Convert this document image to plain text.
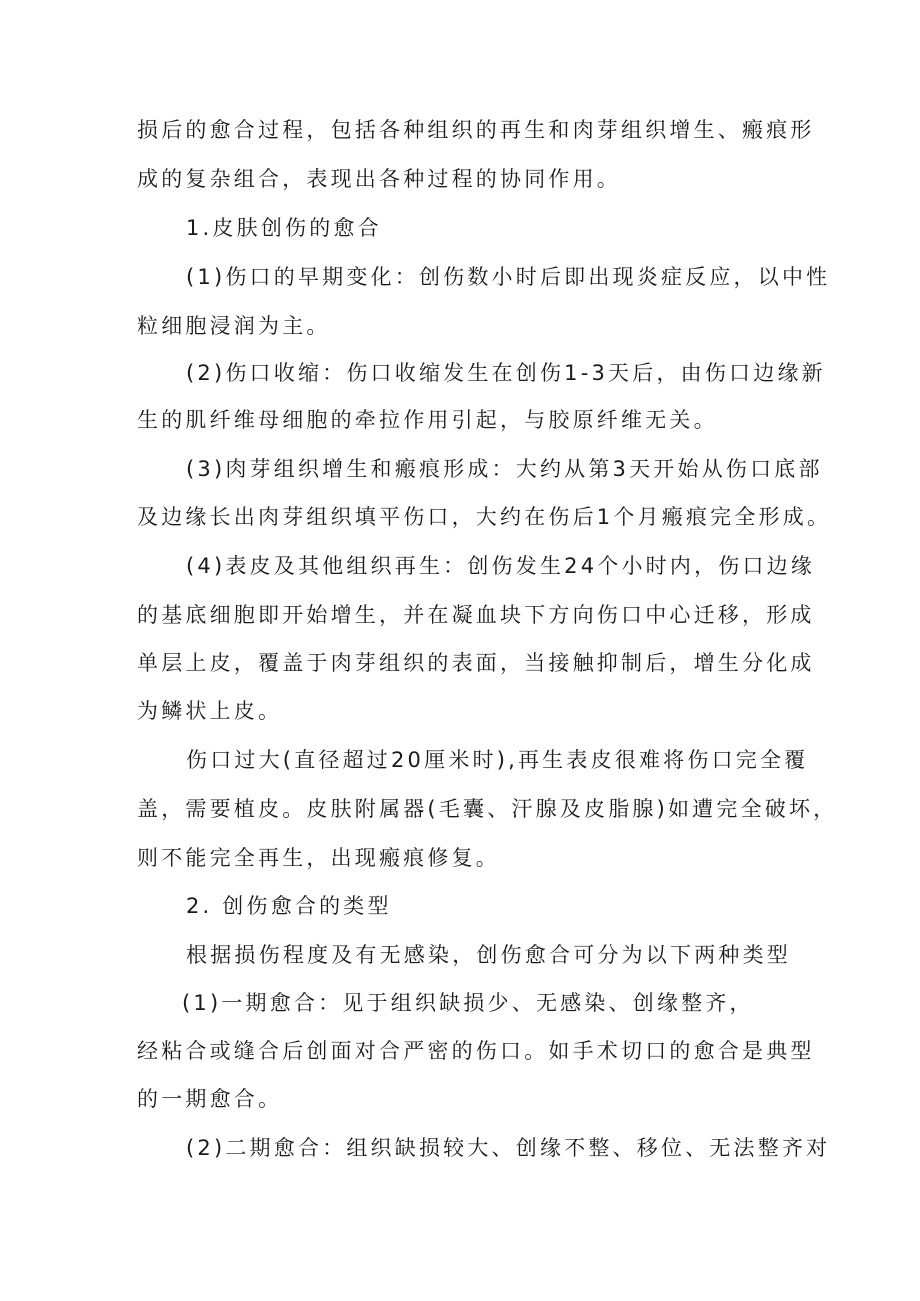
损后的愈合过程，包括各种组织的再生和肉芽组织增生、瘢痕形
成的复杂组合，表现出各种过程的协同作用。
1.皮肤创伤的愈合
(1)伤口的早期变化：创伤数小时后即出现炎症反应，以中性
粒细胞浸润为主。
(2)伤口收缩：伤口收缩发生在创伤1-3天后，由伤口边缘新
生的肌纤维母细胞的牵拉作用引起，与胶原纤维无关。
(3)肉芽组织增生和瘢痕形成：大约从第3天开始从伤口底部
及边缘长出肉芽组织填平伤口，大约在伤后1个月瘢痕完全形成。
(4)表皮及其他组织再生：创伤发生24个小时内，伤口边缘
的基底细胞即开始增生，并在凝血块下方向伤口中心迁移，形成
单层上皮，覆盖于肉芽组织的表面，当接触抑制后，增生分化成
为鳞状上皮。
伤口过大(直径超过20厘米时),再生表皮很难将伤口完全覆
盖，需要植皮。皮肤附属器(毛囊、汗腺及皮脂腺)如遭完全破坏，
则不能完全再生，出现瘢痕修复。
2. 创伤愈合的类型
根据损伤程度及有无感染，创伤愈合可分为以下两种类型
(1)一期愈合：见于组织缺损少、无感染、创缘整齐，
经粘合或缝合后创面对合严密的伤口。如手术切口的愈合是典型
的一期愈合。
(2)二期愈合：组织缺损较大、创缘不整、移位、无法整齐对
